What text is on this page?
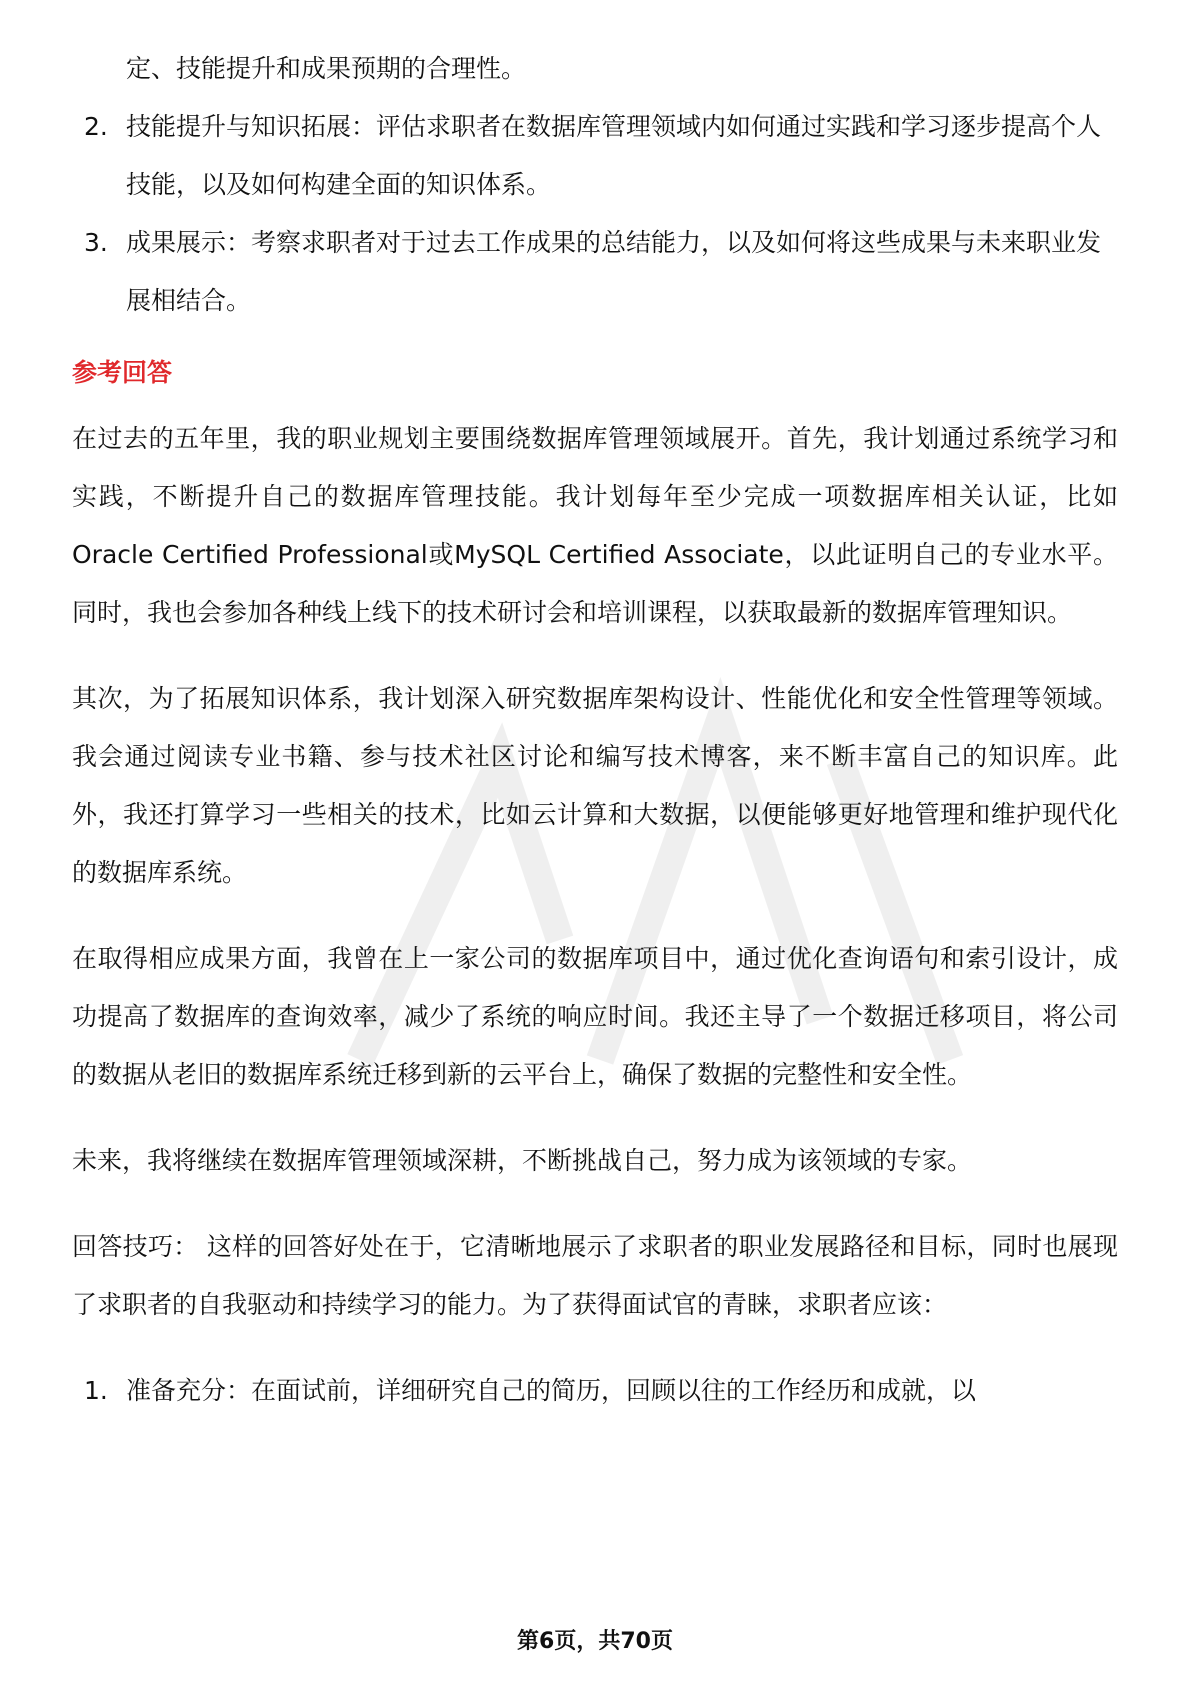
定、技能提升和成果预期的合理性。
2. 技能提升与知识拓展：评估求职者在数据库管理领域内如何通过实践和学习逐步提高个人技能，以及如何构建全面的知识体系。
3. 成果展示：考察求职者对于过去工作成果的总结能力，以及如何将这些成果与未来职业发展相结合。
参考回答

在过去的五年里，我的职业规划主要围绕数据库管理领域展开。首先，我计划通过系统学习和实践，不断提升自己的数据库管理技能。我计划每年至少完成一项数据库相关认证，比如Oracle Certified Professional或MySQL Certified Associate，以此证明自己的专业水平。同时，我也会参加各种线上线下的技术研讨会和培训课程，以获取最新的数据库管理知识。

其次，为了拓展知识体系，我计划深入研究数据库架构设计、性能优化和安全性管理等领域。我会通过阅读专业书籍、参与技术社区讨论和编写技术博客，来不断丰富自己的知识库。此外，我还打算学习一些相关的技术，比如云计算和大数据，以便能够更好地管理和维护现代化的数据库系统。

在取得相应成果方面，我曾在上一家公司的数据库项目中，通过优化查询语句和索引设计，成功提高了数据库的查询效率，减少了系统的响应时间。我还主导了一个数据迁移项目，将公司的数据从老旧的数据库系统迁移到新的云平台上，确保了数据的完整性和安全性。

未来，我将继续在数据库管理领域深耕，不断挑战自己，努力成为该领域的专家。

回答技巧： 这样的回答好处在于，它清晰地展示了求职者的职业发展路径和目标，同时也展现了求职者的自我驱动和持续学习的能力。为了获得面试官的青睐，求职者应该：

1. 准备充分：在面试前，详细研究自己的简历，回顾以往的工作经历和成就，以
第6页，共70页
